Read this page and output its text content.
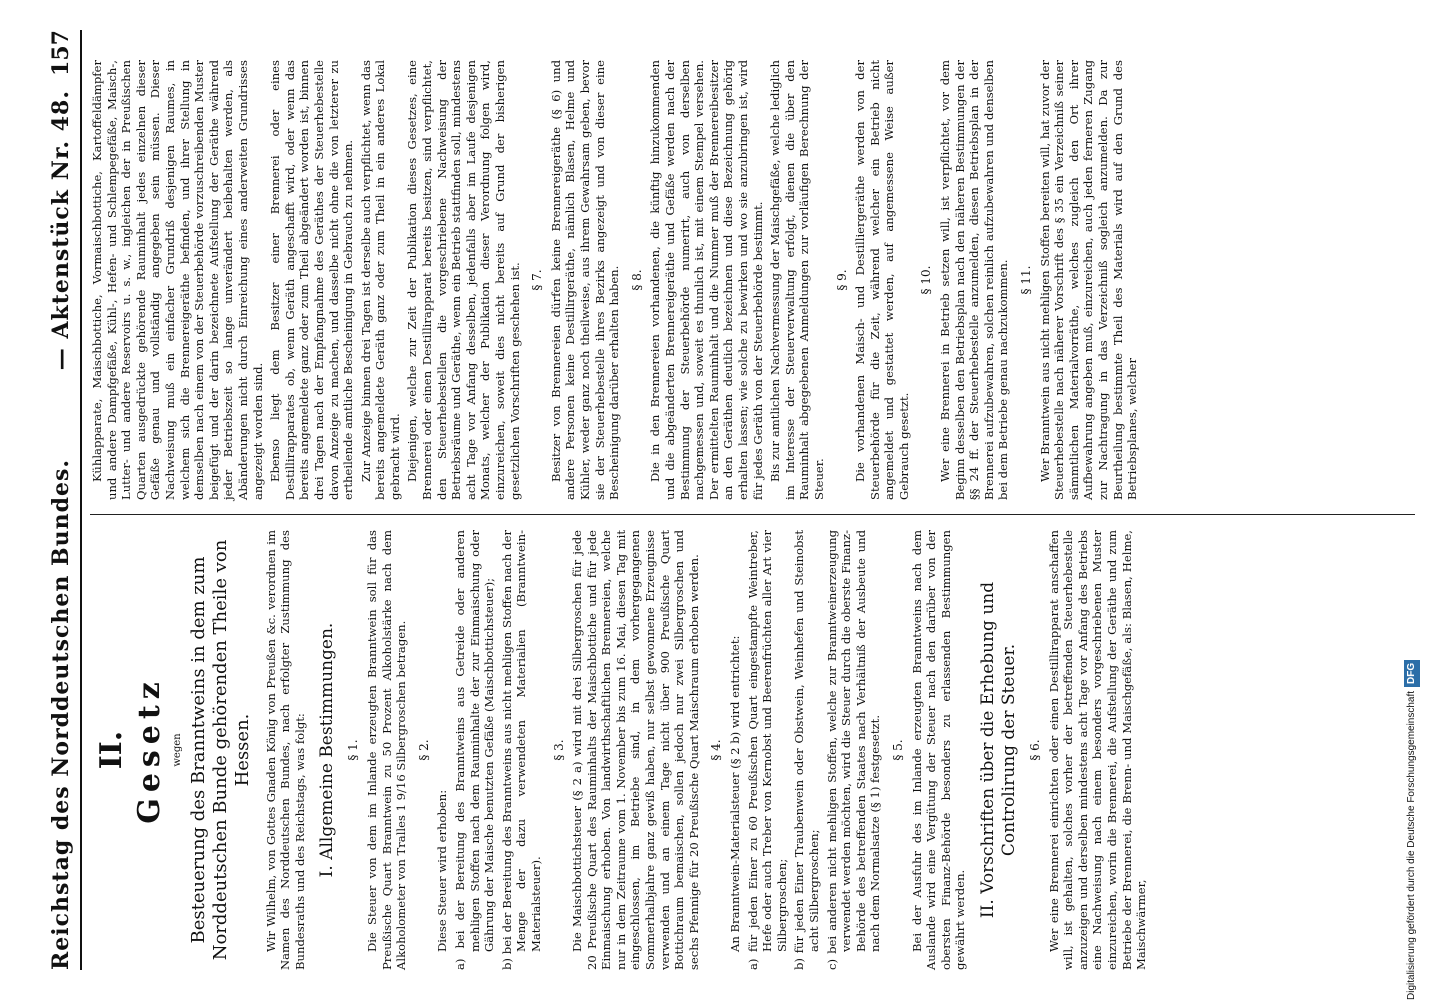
Reichstag des Norddeutschen Bundes.
— Aktenstück Nr. 48.
157

II. Gesetz wegen Besteuerung des Branntweins in dem zum Norddeutschen Bunde gehörenden Theile von Hessen. Wir Wilhelm, von Gottes Gnaden König von Preußen &c. verordnen im Namen des Norddeutschen Bundes, nach erfolgter Zustimmung des Bundesraths und des Reichstags, was folgt: I. Allgemeine Bestimmungen. § 1. Die Steuer von dem im Inlande erzeugten Branntwein soll für das Preußische Quart Branntwein zu 50 Prozent Alkoholstärke nach dem Alkoholometer von Tralles 1 9/16 Silbergroschen betragen. § 2.

Diese Steuer wird erhoben: a) bei der Bereitung des Branntweins aus Getreide oder anderen mehligen Stoffen nach dem Rauminhalte der zur Einmaischung oder Gährung der Maische benutzten Gefäße (Maischbottichsteuer); b) bei der Bereitung des Branntweins aus nicht mehligen Stoffen nach der Menge der dazu verwendeten Materialien (Branntwein-Materialsteuer).

§ 3. Die Maischbottichsteuer (§ 2 a) wird mit drei Silbergroschen für jede 20 Preußische Quart des Rauminhalts der Maischbottiche und für jede Einmaischung erhoben. Von landwirthschaftlichen Brennereien, welche nur in dem Zeitraume vom 1. November bis zum 16. Mai, diesen Tag mit eingeschlossen, im Betriebe sind, in dem vorhergegangenen Sommerhalbjahre ganz gewiß haben, nur selbst gewonnene Erzeugnisse verwenden und an einem Tage nicht über 900 Preußische Quart Bottichraum bemaischen, sollen jedoch nur zwei Silbergroschen und sechs Pfennige für 20 Preußische Quart Maischraum erhoben werden. § 4. An Branntwein-Materialsteuer (§ 2 b) wird entrichtet: a) für jeden Einer zu 60 Preußischen Quart eingestampfte Weintreber, Hefe oder auch Treber von Kernobst und Beerenfrüchten aller Art vier Silbergroschen; b) für jeden Einer Traubenwein oder Obstwein, Weinhefen und Steinobst acht Silbergroschen; c) bei anderen nicht mehligen Stoffen, welche zur Branntweinerzeugung verwendet werden möchten, wird die Steuer durch die oberste Finanz-Behörde des betreffenden Staates nach Verhältniß der Ausbeute und nach dem Normalsatze (§ 1) festgesetzt. § 5. Bei der Ausfuhr des im Inlande erzeugten Branntweins nach dem Auslande wird eine Vergütung der Steuer nach den darüber von der obersten Finanz-Behörde besonders zu erlassenden Bestimmungen gewährt werden.

II. Vorschriften über die Erhebung und Controlirung der Steuer. § 6. Wer eine Brennerei einrichten oder einen Destillirapparat anschaffen will, ist gehalten, solches vorher der betreffenden Steuerhebestelle anzuzeigen und derselben mindestens acht Tage vor Anfang des Betriebs eine Nachweisung nach einem besonders vorgeschriebenen Muster einzureichen, worin die Brennerei, die Aufstellung der Geräthe und zum Betriebe der Brennerei, die Brenn- und Maischgefäße, als: Blasen, Helme, Maischwärmer,

Kühlapparate, Maischbottiche, Vormaischbottiche, Kartoffeldämpfer und andere Dampfgefäße, Kühl-, Hefen- und Schlempegefäße, Maisch-, Lutter- und andere Reservoirs u. s. w., ingleichen der in Preußischen Quarten ausgedrückte gehörende Rauminhalt jedes einzelnen dieser Gefäße genau und vollständig angegeben sein müssen. Dieser Nachweisung muß ein einfacher Grundriß desjenigen Raumes, in welchem sich die Brennereigeräthe befinden, und ihrer Stellung in demselben nach einem von der Steuerbehörde vorzuschreibenden Muster beigefügt und der darin bezeichnete Aufstellung der Geräthe während jeder Betriebszeit so lange unverändert beibehalten werden, als Abänderungen nicht durch Einreichung eines anderweiten Grundrisses angezeigt worden sind. Ebenso liegt dem Besitzer einer Brennerei oder eines Destillirapparates ob, wenn Geräth angeschafft wird, oder wenn das bereits angemeldete ganz oder zum Theil abgeändert worden ist, binnen drei Tagen nach der Empfangnahme des Geräthes der Steuerhebestelle davon Anzeige zu machen, und dasselbe nicht ohne die von letzterer zu ertheilende amtliche Bescheinigung in Gebrauch zu nehmen. Zur Anzeige binnen drei Tagen ist derselbe auch verpflichtet, wenn das bereits angemeldete Geräth ganz oder zum Theil in ein anderes Lokal gebracht wird. Diejenigen, welche zur Zeit der Publikation dieses Gesetzes, eine Brennerei oder einen Destillirapparat bereits besitzen, sind verpflichtet, den Steuerhebestellen die vorgeschriebene Nachweisung der Betriebsräume und Geräthe, wenn ein Betrieb stattfinden soll, mindestens acht Tage vor Anfang desselben, jedenfalls aber im Laufe desjenigen Monats, welcher der Publikation dieser Verordnung folgen wird, einzureichen, soweit dies nicht bereits auf Grund der bisherigen gesetzlichen Vorschriften geschehen ist. § 7. Besitzer von Brennereien dürfen keine Brennereigeräthe (§ 6) und andere Personen keine Destillirgeräthe, nämlich Blasen, Helme und Kühler, weder ganz noch theilweise, aus ihrem Gewahrsam geben, bevor sie der Steuerhebestelle ihres Bezirks angezeigt und von dieser eine Bescheinigung darüber erhalten haben. § 8. Die in den Brennereien vorhandenen, die künftig hinzukommenden und die abgeänderten Brennereigeräthe und Gefäße werden nach der Bestimmung der Steuerbehörde numerirt, auch von derselben nachgemessen und, soweit es thunlich ist, mit einem Stempel versehen. Der ermittelten Rauminhalt und die Nummer muß der Brennereibesitzer an den Geräthen deutlich bezeichnen und diese Bezeichnung gehörig erhalten lassen; wie solche zu bewirken und wo sie anzubringen ist, wird für jedes Geräth von der Steuerbehörde bestimmt. Bis zur amtlichen Nachvermessung der Maischgefäße, welche lediglich im Interesse der Steuerverwaltung erfolgt, dienen die über den Rauminhalt abgegebenen Anmeldungen zur vorläufigen Berechnung der Steuer.

§ 9. Die vorhandenen Maisch- und Destilliergeräthe werden von der Steuerbehörde für die Zeit, während welcher ein Betrieb nicht angemeldet und gestattet werden, auf angemessene Weise außer Gebrauch gesetzt.

§ 10. Wer eine Brennerei in Betrieb setzen will, ist verpflichtet, vor dem Beginn desselben den Betriebsplan nach den näheren Bestimmungen der §§ 24 ff. der Steuerhebestelle anzumelden, diesen Betriebsplan in der Brennerei aufzubewahren, solchen reinlich aufzubewahren und denselben bei dem Betriebe genau nachzukommen. § 11. Wer Branntwein aus nicht mehligen Stoffen bereiten will, hat zuvor der Steuerhebestelle nach näherer Vorschrift des § 35 ein Verzeichniß seiner sämmtlichen Materialvorräthe, welches zugleich den Ort ihrer Aufbewahrung angeben muß, einzureichen, auch jeden ferneren Zugang zur Nachtragung in das Verzeichniß sogleich anzumelden. Da zur Beurtheilung bestimmte Theil des Materials wird auf den Grund des Betriebsplanes, welcher

Digitalisierung gefördert durch die Deutsche ForschungsgemeinschaftDFG
